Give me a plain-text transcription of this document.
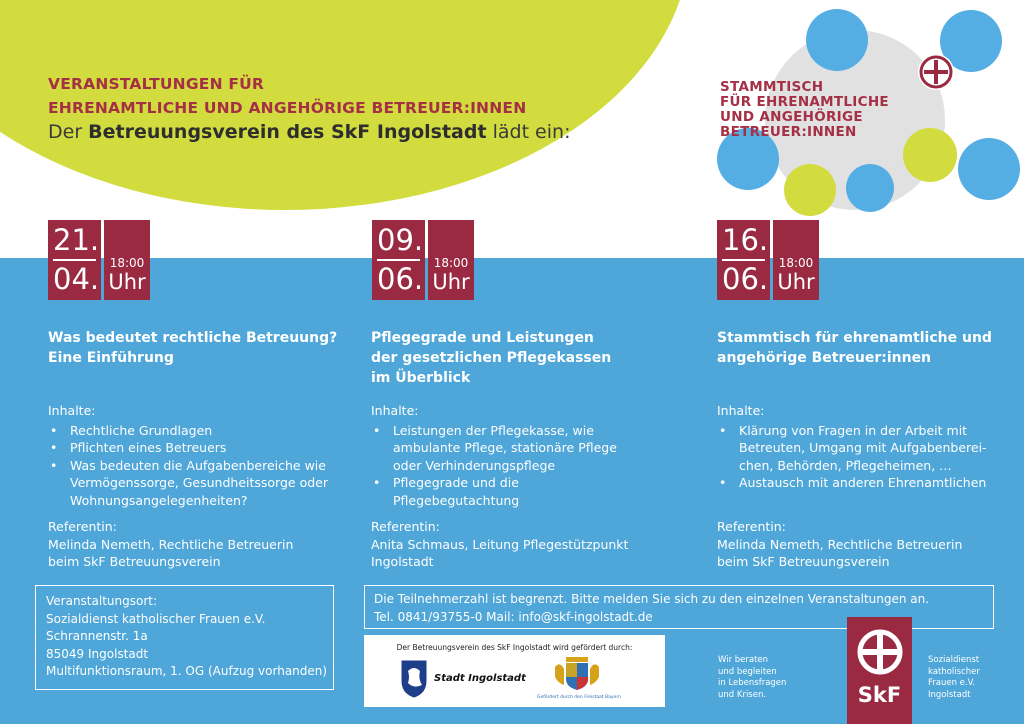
VERANSTALTUNGEN FÜR
EHRENAMTLICHE UND ANGEHÖRIGE BETREUER:INNEN
Der Betreuungsverein des SkF Ingolstadt lädt ein:
STAMMTISCH
FÜR EHRENAMTLICHE
UND ANGEHÖRIGE
BETREUER:INNEN
21.
04. 18:00
Uhr
Was bedeutet rechtliche Betreuung?
Eine Einführung
Inhalte:
• Rechtliche Grundlagen
• Pflichten eines Betreuers
• Was bedeuten die Aufgabenbereiche wie Vermögenssorge, Gesundheitssorge oder Wohnungsangelegenheiten?
Referentin:
Melinda Nemeth, Rechtliche Betreuerin
beim SkF Betreuungsverein
09.
06. 18:00
Uhr
Pflegegrade und Leistungen
der gesetzlichen Pflegekassen
im Überblick
Inhalte:
• Leistungen der Pflegekasse, wie ambulante Pflege, stationäre Pflege oder Verhinderungspflege
• Pflegegrade und die Pflegebegutachtung
Referentin:
Anita Schmaus, Leitung Pflegestützpunkt
Ingolstadt
16.
06. 18:00
Uhr
Stammtisch für ehrenamtliche und
angehörige Betreuer:innen
Inhalte:
• Klärung von Fragen in der Arbeit mit Betreuten, Umgang mit Aufgabenberei-chen, Behörden, Pflegeheimen, …
• Austausch mit anderen Ehrenamtlichen
Referentin:
Melinda Nemeth, Rechtliche Betreuerin
beim SkF Betreuungsverein
Veranstaltungsort:
Sozialdienst katholischer Frauen e.V.
Schrannenstr. 1a
85049 Ingolstadt
Multifunktionsraum, 1. OG (Aufzug vorhanden)
Die Teilnehmerzahl ist begrenzt. Bitte melden Sie sich zu den einzelnen Veranstaltungen an.
Tel. 0841/93755-0 Mail: info@skf-ingolstadt.de
Der Betreuungsverein des SkF Ingolstadt wird gefördert durch:
Stadt Ingolstadt
Gefördert durch den Freistaat Bayern
Wir beraten
und begleiten
in Lebensfragen
und Krisen.	SkF
Sozialdienst
katholischer
Frauen e.V.
Ingolstadt
